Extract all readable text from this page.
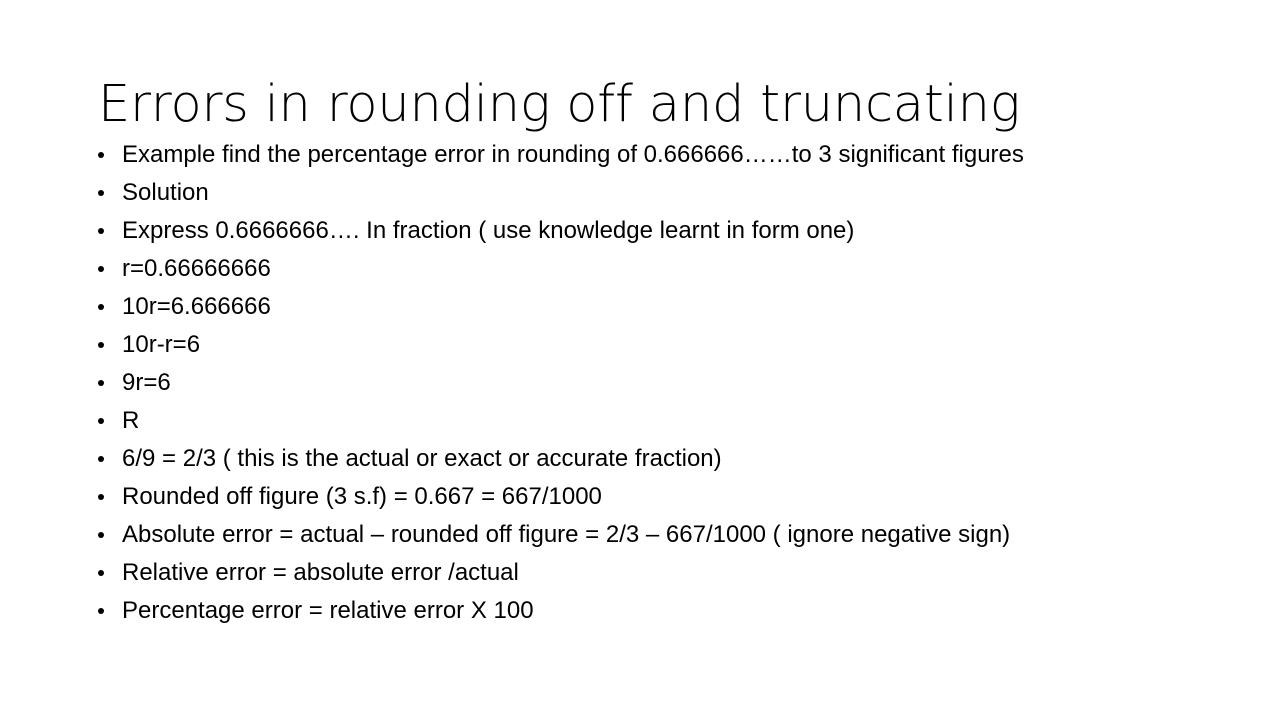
Errors in rounding off and truncating
Example find the percentage error in rounding of 0.666666……to 3 significant figures
Solution
Express 0.6666666…. In fraction ( use knowledge learnt in form one)
r=0.66666666
10r=6.666666
10r-r=6
9r=6
R
6/9 = 2/3 ( this is the actual or exact or accurate fraction)
Rounded off figure (3 s.f) = 0.667 = 667/1000
Absolute error = actual – rounded off figure = 2/3 – 667/1000 ( ignore negative sign)
Relative error = absolute error /actual
Percentage error = relative error X 100
